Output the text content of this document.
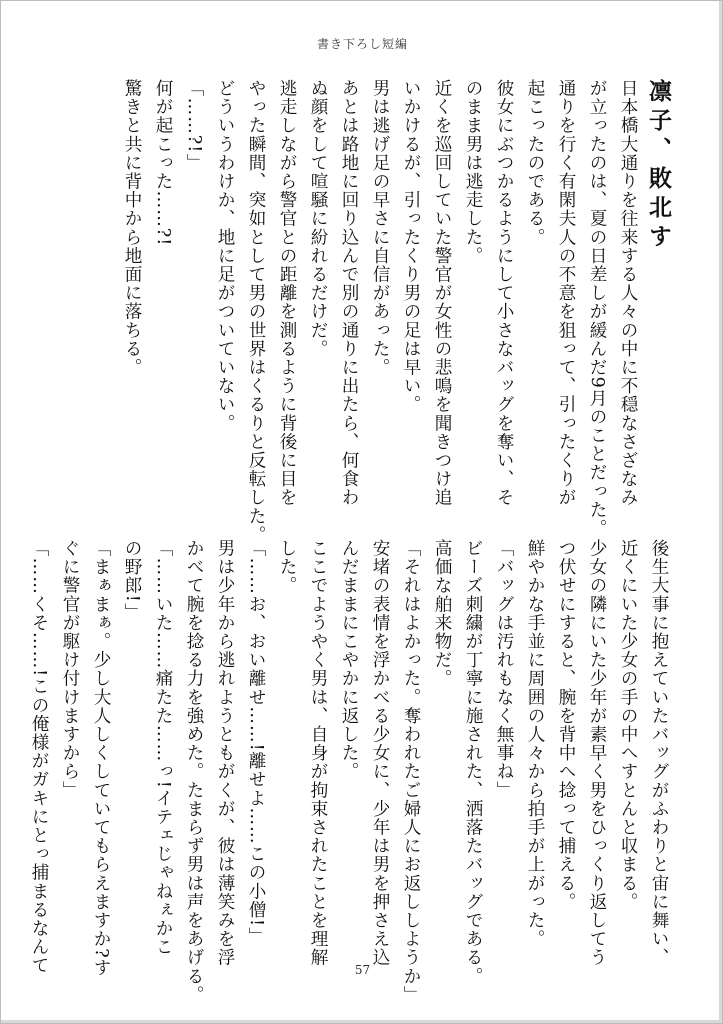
書き下ろし短編

凛子、敗北す

日本橋大通りを往来する人々の中に不穏なさざなみ

が立ったのは、夏の日差しが緩んだ9月のことだった。

通りを行く有閑夫人の不意を狙って、引ったくりが

起こったのである。

彼女にぶつかるようにして小さなバッグを奪い、そ

のまま男は逃走した。

近くを巡回していた警官が女性の悲鳴を聞きつけ追

いかけるが、引ったくり男の足は早い。

男は逃げ足の早さに自信があった。

あとは路地に回り込んで別の通りに出たら、何食わ

ぬ顔をして喧騒に紛れるだけだ。

逃走しながら警官との距離を測るように背後に目を

やった瞬間、突如として男の世界はくるりと反転した。

どういうわけか、地に足がついていない。

「……?!」

何が起こった……?!

驚きと共に背中から地面に落ちる。

後生大事に抱えていたバッグがふわりと宙に舞い、

近くにいた少女の手の中へすとんと収まる。

少女の隣にいた少年が素早く男をひっくり返してう

つ伏せにすると、腕を背中へ捻って捕える。

鮮やかな手並に周囲の人々から拍手が上がった。

「バッグは汚れもなく無事ね」

ビーズ刺繍が丁寧に施された、洒落たバッグである。

高価な舶来物だ。

「それはよかった。奪われたご婦人にお返ししようか」

安堵の表情を浮かべる少女に、少年は男を押さえ込

んだままにこやかに返した。

ここでようやく男は、自身が拘束されたことを理解

した。

「……お、おい離せ……!離せよ……この小僧!」

男は少年から逃れようともがくが、彼は薄笑みを浮

かべて腕を捻る力を強めた。たまらず男は声をあげる。

「……いた……痛たた……っ!イテェじゃねぇかこ

の野郎!」

「まぁまぁ。少し大人しくしていてもらえますか?す

ぐに警官が駆け付けますから」

「……くそ……!この俺様がガキにとっ捕まるなんて	57
